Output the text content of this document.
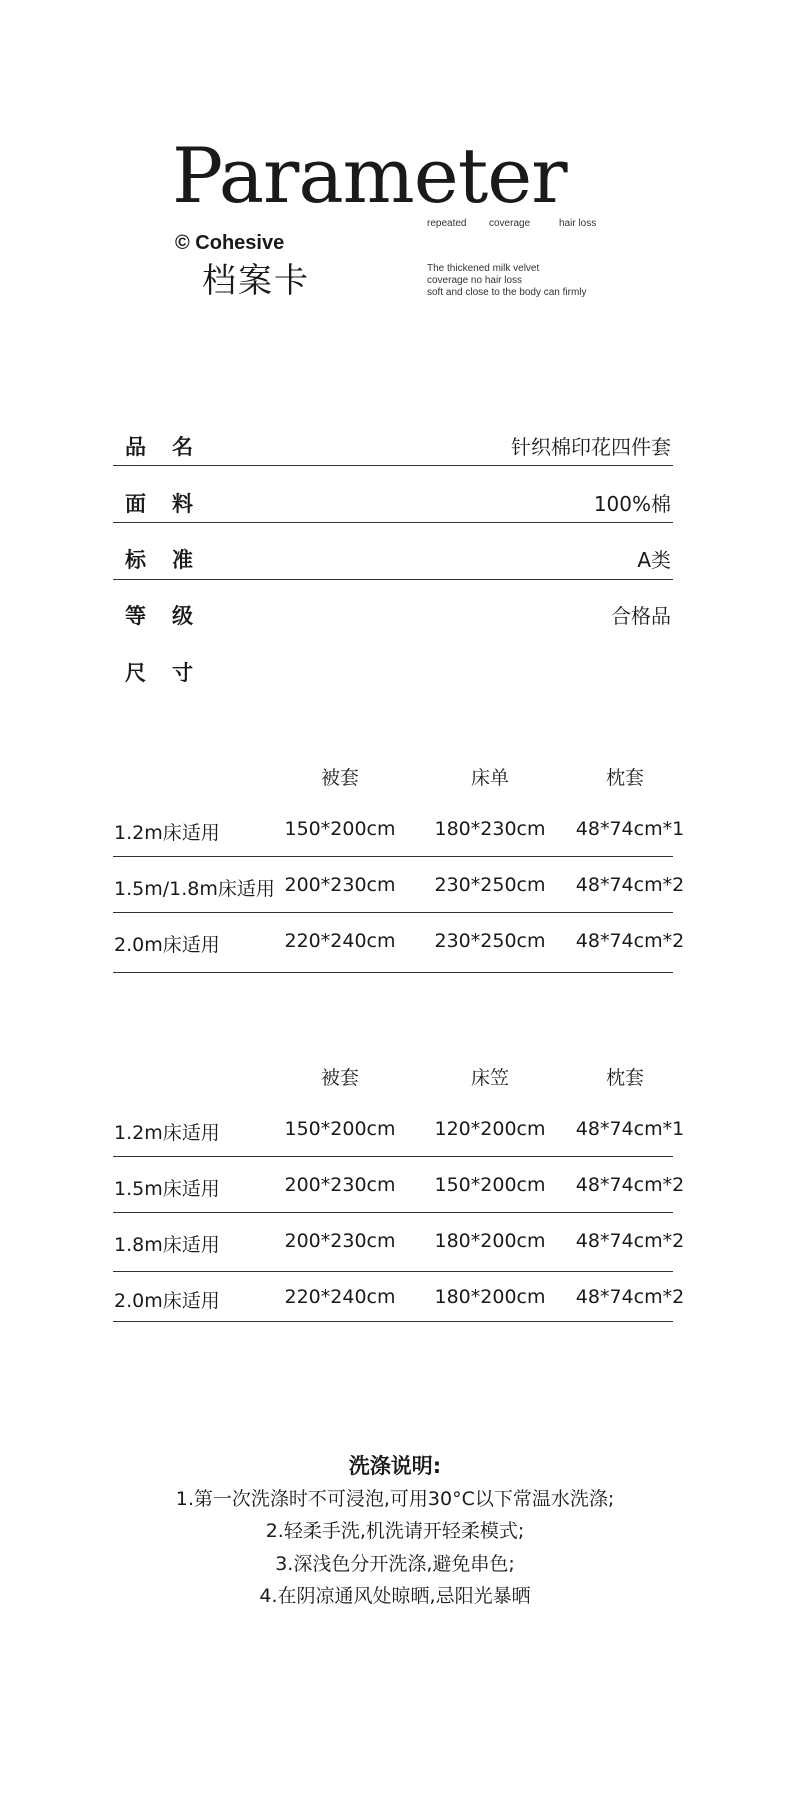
Parameter
repeated coverage	hair loss
© Cohesive
档案卡	The thickened milk velvet
coverage no hair loss
soft and close to the body can firmly
品名	针织棉印花四件套
面料	100%棉
标准	A类
等级	合格品
尺寸
被套	床单	枕套
1.2m床适用	150*200cm	180*230cm	48*74cm*1
1.5m/1.8m床适用 200*230cm	230*250cm	48*74cm*2
2.0m床适用	220*240cm	230*250cm	48*74cm*2
被套	床笠	枕套
1.2m床适用	150*200cm	120*200cm	48*74cm*1
1.5m床适用	200*230cm	150*200cm	48*74cm*2
1.8m床适用	200*230cm	180*200cm	48*74cm*2
2.0m床适用	220*240cm	180*200cm	48*74cm*2
洗涤说明:
1.第一次洗涤时不可浸泡,可用30°C以下常温水洗涤;
2.轻柔手洗,机洗请开轻柔模式;
3.深浅色分开洗涤,避免串色;
4.在阴凉通风处晾晒,忌阳光暴晒
